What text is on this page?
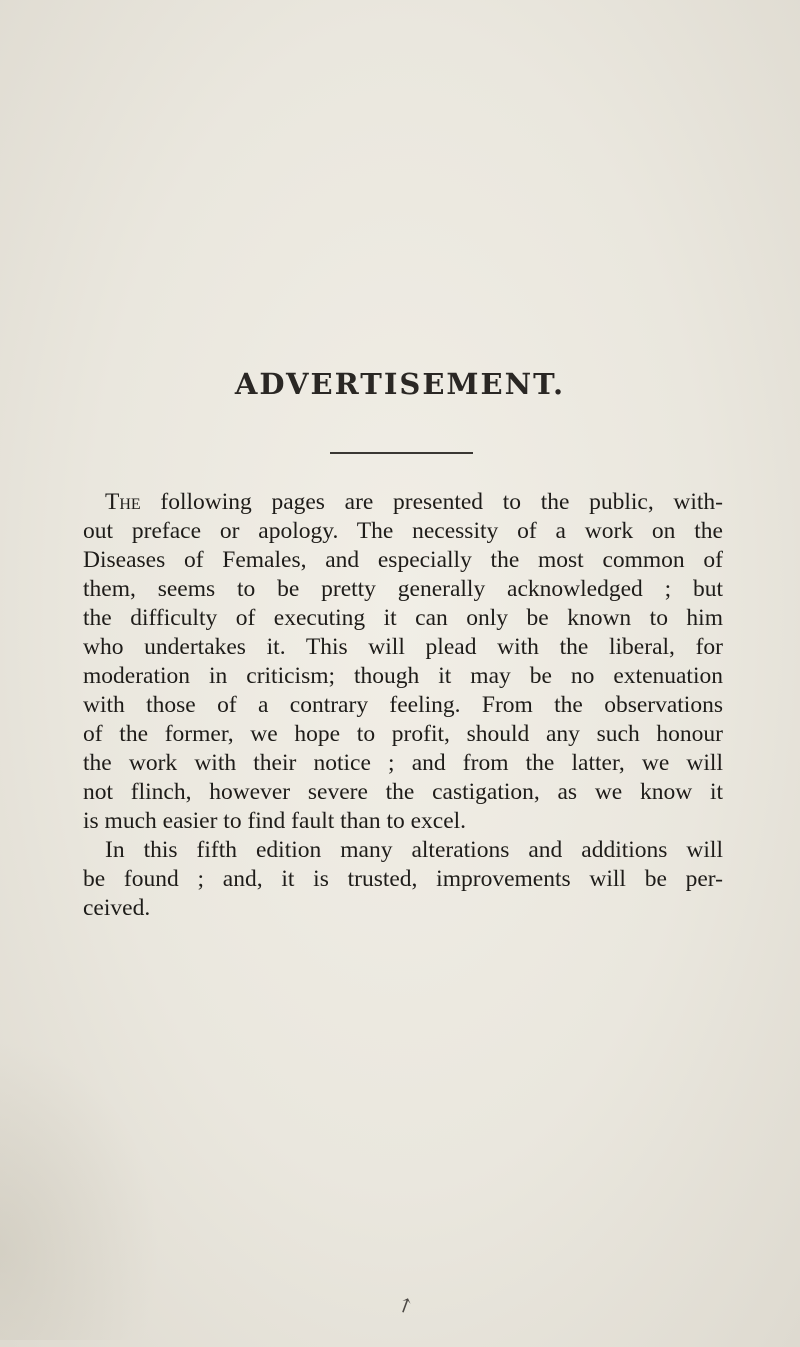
ADVERTISEMENT.
The following pages are presented to the public, with-
out preface or apology. The necessity of a work on the
Diseases of Females, and especially the most common of
them, seems to be pretty generally acknowledged ; but
the difficulty of executing it can only be known to him
who undertakes it. This will plead with the liberal, for
moderation in criticism; though it may be no extenuation
with those of a contrary feeling. From the observations
of the former, we hope to profit, should any such honour
the work with their notice ; and from the latter, we will
not flinch, however severe the castigation, as we know it
is much easier to find fault than to excel.
In this fifth edition many alterations and additions will
be found ; and, it is trusted, improvements will be per-
ceived.
↗
